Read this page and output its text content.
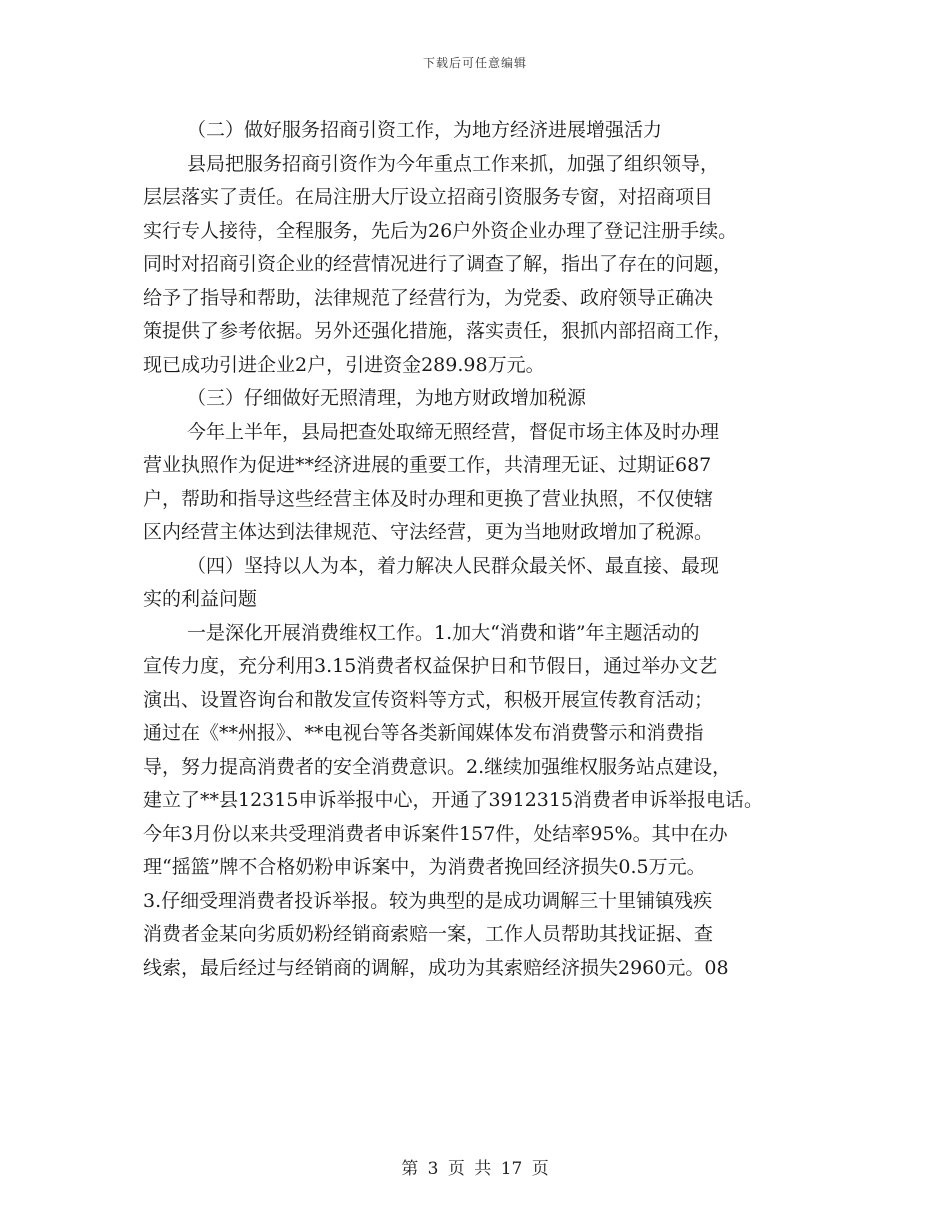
下载后可任意编辑
（二）做好服务招商引资工作，为地方经济进展增强活力
县局把服务招商引资作为今年重点工作来抓，加强了组织领导，
层层落实了责任。在局注册大厅设立招商引资服务专窗，对招商项目
实行专人接待，全程服务，先后为26户外资企业办理了登记注册手续。
同时对招商引资企业的经营情况进行了调查了解，指出了存在的问题，
给予了指导和帮助，法律规范了经营行为，为党委、政府领导正确决
策提供了参考依据。另外还强化措施，落实责任，狠抓内部招商工作，
现已成功引进企业2户，引进资金289.98万元。
（三）仔细做好无照清理，为地方财政增加税源
今年上半年，县局把查处取缔无照经营，督促市场主体及时办理
营业执照作为促进**经济进展的重要工作，共清理无证、过期证687
户，帮助和指导这些经营主体及时办理和更换了营业执照，不仅使辖
区内经营主体达到法律规范、守法经营，更为当地财政增加了税源。
（四）坚持以人为本，着力解决人民群众最关怀、最直接、最现
实的利益问题
一是深化开展消费维权工作。1.加大“消费和谐”年主题活动的
宣传力度，充分利用3.15消费者权益保护日和节假日，通过举办文艺
演出、设置咨询台和散发宣传资料等方式，积极开展宣传教育活动；
通过在《**州报》、**电视台等各类新闻媒体发布消费警示和消费指
导，努力提高消费者的安全消费意识。2.继续加强维权服务站点建设，
建立了**县12315申诉举报中心，开通了3912315消费者申诉举报电话。
今年3月份以来共受理消费者申诉案件157件，处结率95%。其中在办
理“摇篮”牌不合格奶粉申诉案中，为消费者挽回经济损失0.5万元。
3.仔细受理消费者投诉举报。较为典型的是成功调解三十里铺镇残疾
消费者金某向劣质奶粉经销商索赔一案，工作人员帮助其找证据、查
线索，最后经过与经销商的调解，成功为其索赔经济损失2960元。08
第 3 页 共 17 页
